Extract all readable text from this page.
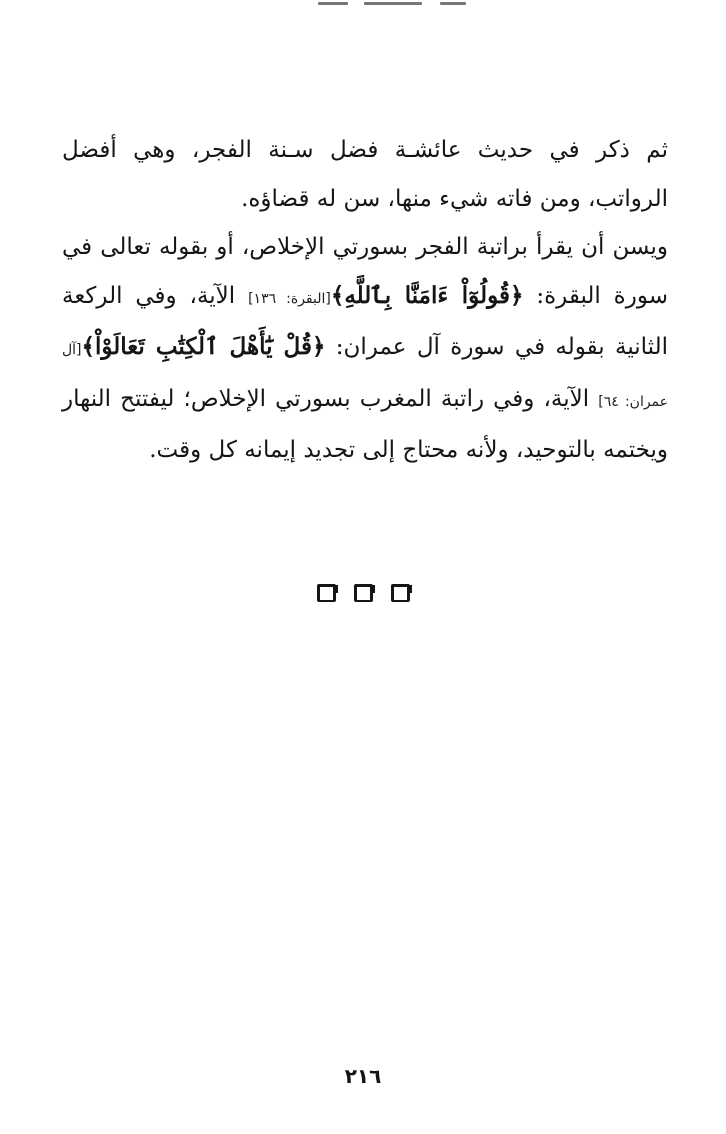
ثم ذكر في حديث عائشـة فضل سـنة الفجر، وهي أفضل الرواتب، ومن فاته شيء منها، سن له قضاؤه.

ويسن أن يقرأ براتبة الفجر بسورتي الإخلاص، أو بقوله تعالى في سورة البقرة: ﴿قُولُوٓاْ ءَامَنَّا بِٱللَّهِ﴾[البقرة: ١٣٦] الآية، وفي الركعة الثانية بقوله في سورة آل عمران: ﴿قُلْ يَٰٓأَهْلَ ٱلْكِتَٰبِ تَعَالَوْاْ﴾[آل عمران: ٦٤] الآية، وفي راتبة المغرب بسورتي الإخلاص؛ ليفتتح النهار ويختمه بالتوحيد، ولأنه محتاج إلى تجديد إيمانه كل وقت.

٢١٦
